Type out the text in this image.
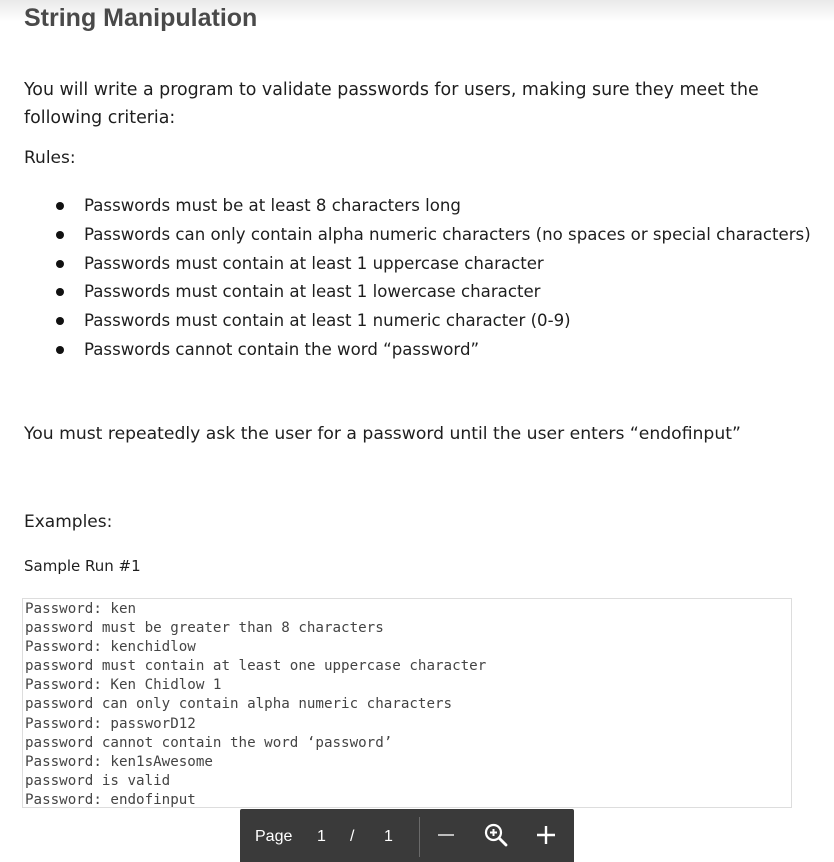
String Manipulation

You will write a program to validate passwords for users, making sure they meet the following criteria:

Rules:

Passwords must be at least 8 characters long
Passwords can only contain alpha numeric characters (no spaces or special characters)
Passwords must contain at least 1 uppercase character
Passwords must contain at least 1 lowercase character
Passwords must contain at least 1 numeric character (0-9)
Passwords cannot contain the word “password”

You must repeatedly ask the user for a password until the user enters “endofinput”

Examples:

Sample Run #1

Password: ken
password must be greater than 8 characters
Password: kenchidlow
password must contain at least one uppercase character
Password: Ken Chidlow 1
password can only contain alpha numeric characters
Password: passworD12
password cannot contain the word ‘password’
Password: ken1sAwesome
password is valid
Password: endofinput
Page 1 / 1
